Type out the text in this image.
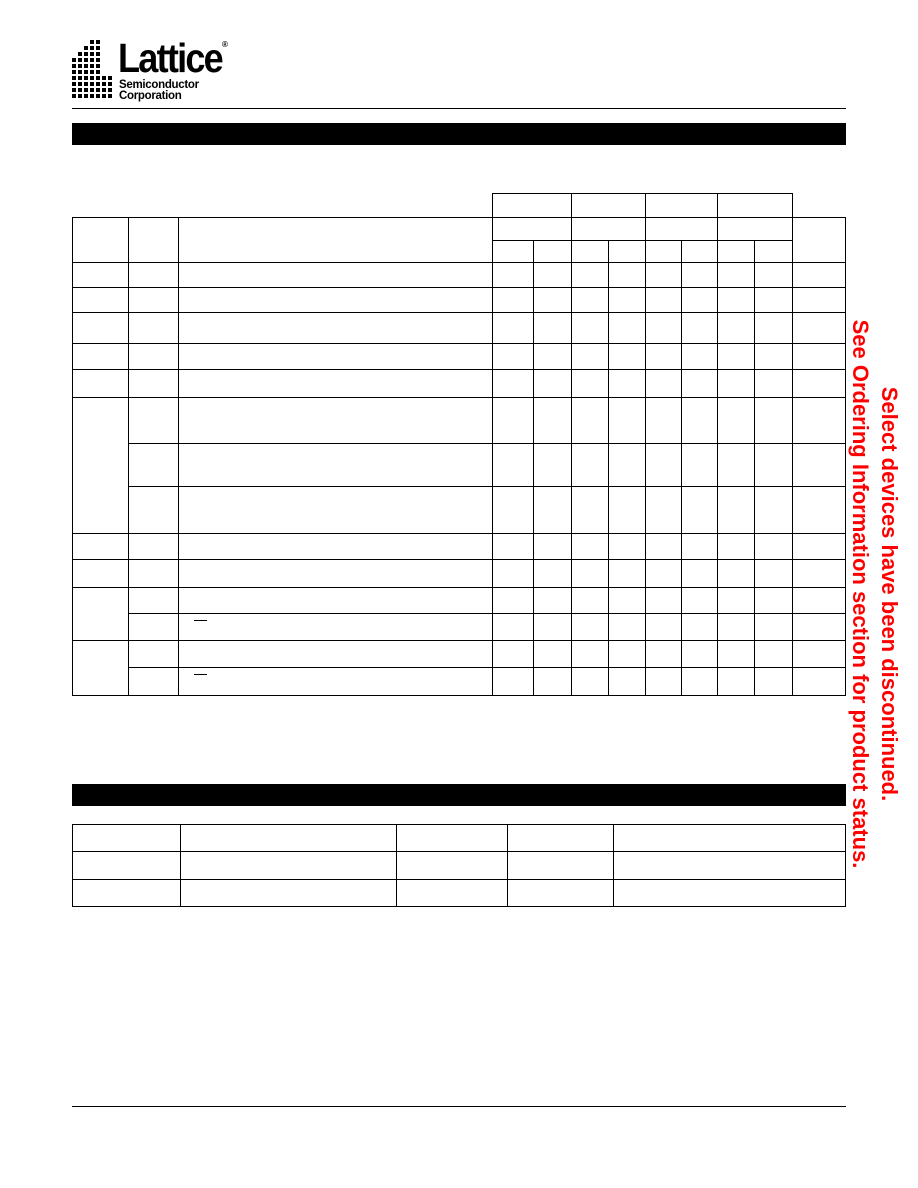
Lattice ®
Semiconductor
Corporation
Select devices have been discontinued.
See Ordering Information section for product status.
